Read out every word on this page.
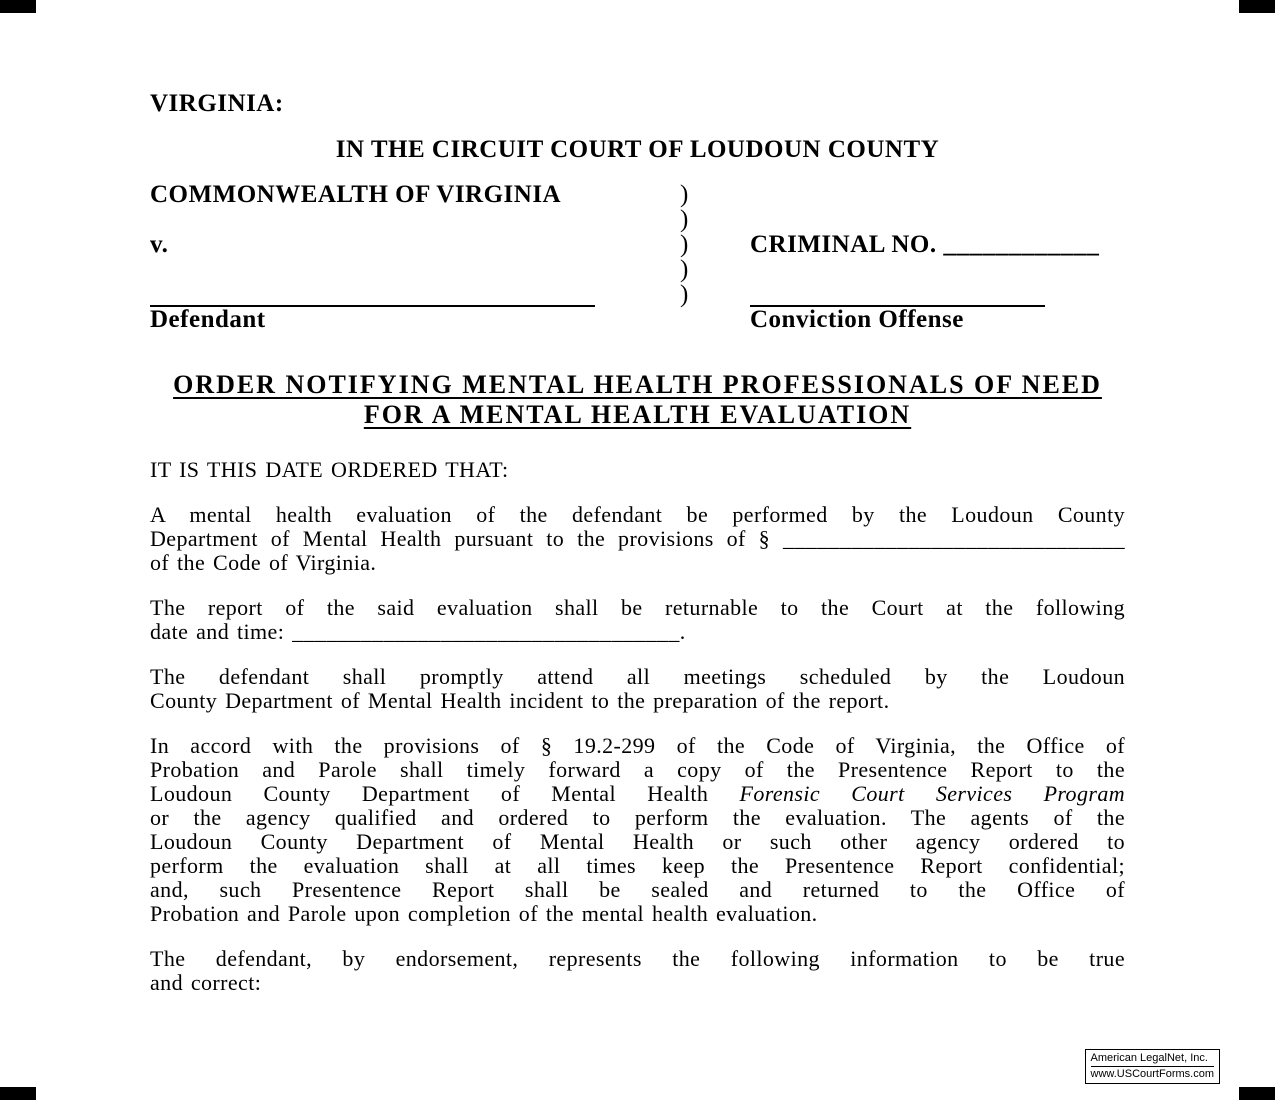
VIRGINIA:
IN THE CIRCUIT COURT OF LOUDOUN COUNTY
COMMONWEALTH OF VIRGINIA	)
)
v.	)	CRIMINAL NO. ____________
)
)
Defendant	Conviction Offense
ORDER NOTIFYING MENTAL HEALTH PROFESSIONALS OF NEED
FOR A MENTAL HEALTH EVALUATION
IT IS THIS DATE ORDERED THAT:
A mental health evaluation of the defendant be performed by the Loudoun County
Department of Mental Health pursuant to the provisions of § ______________________________
of the Code of Virginia.
The report of the said evaluation shall be returnable to the Court at the following
date and time: __________________________________.
The defendant shall promptly attend all meetings scheduled by the Loudoun
County Department of Mental Health incident to the preparation of the report.
In accord with the provisions of § 19.2-299 of the Code of Virginia, the Office of
Probation and Parole shall timely forward a copy of the Presentence Report to the
Loudoun County Department of Mental Health Forensic Court Services Program
or the agency qualified and ordered to perform the evaluation. The agents of the
Loudoun County Department of Mental Health or such other agency ordered to
perform the evaluation shall at all times keep the Presentence Report confidential;
and, such Presentence Report shall be sealed and returned to the Office of
Probation and Parole upon completion of the mental health evaluation.
The defendant, by endorsement, represents the following information to be true
and correct:
American LegalNet, Inc.
www.USCourtForms.com
